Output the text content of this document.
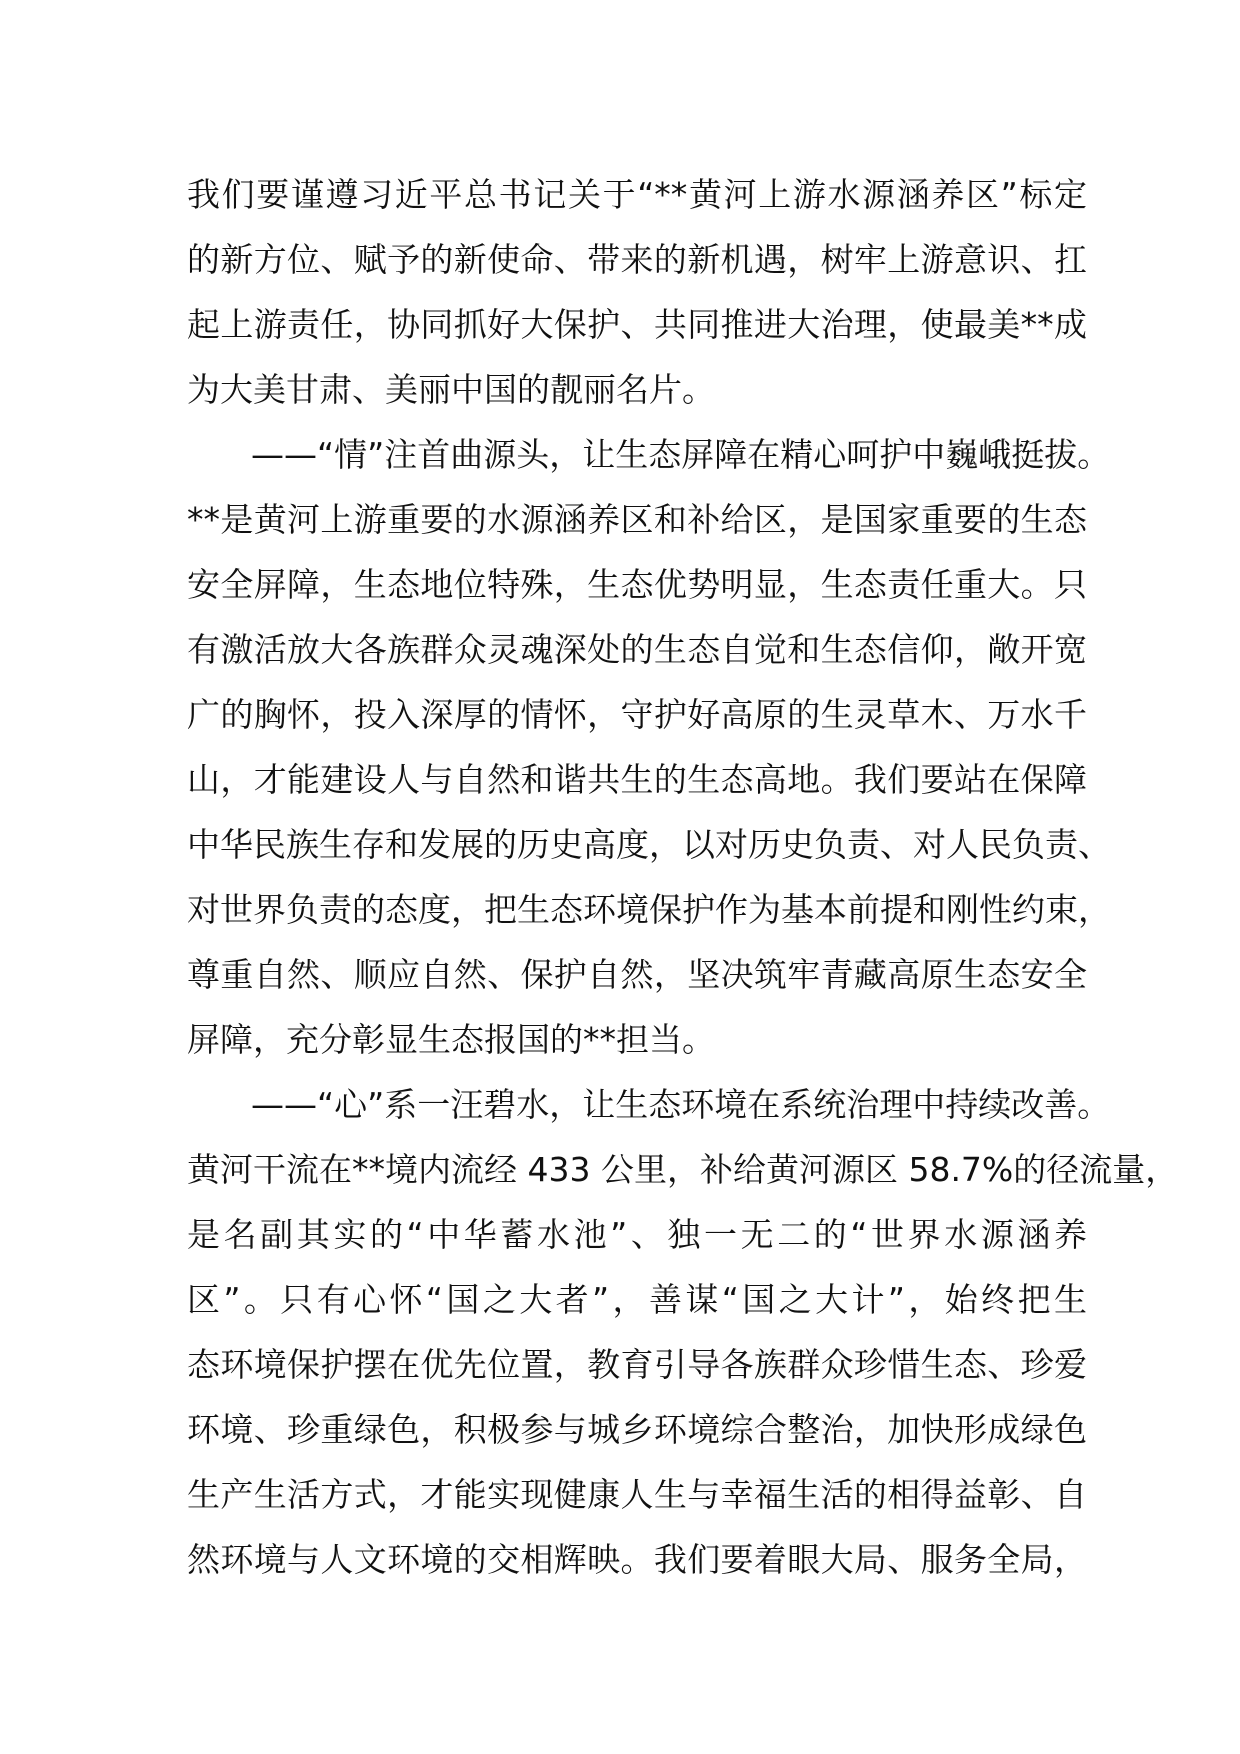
我们要谨遵习近平总书记关于“**黄河上游水源涵养区”标定
的新方位、赋予的新使命、带来的新机遇，树牢上游意识、扛
起上游责任，协同抓好大保护、共同推进大治理，使最美**成
为大美甘肃、美丽中国的靓丽名片。
——“情”注首曲源头，让生态屏障在精心呵护中巍峨挺拔。
**是黄河上游重要的水源涵养区和补给区，是国家重要的生态
安全屏障，生态地位特殊，生态优势明显，生态责任重大。只
有激活放大各族群众灵魂深处的生态自觉和生态信仰，敞开宽
广的胸怀，投入深厚的情怀，守护好高原的生灵草木、万水千
山，才能建设人与自然和谐共生的生态高地。我们要站在保障
中华民族生存和发展的历史高度，以对历史负责、对人民负责、
对世界负责的态度，把生态环境保护作为基本前提和刚性约束，
尊重自然、顺应自然、保护自然，坚决筑牢青藏高原生态安全
屏障，充分彰显生态报国的**担当。
——“心”系一汪碧水，让生态环境在系统治理中持续改善。
黄河干流在**境内流经 433 公里，补给黄河源区 58.7%的径流量，
是名副其实的“中华蓄水池”、独一无二的“世界水源涵养
区”。只有心怀“国之大者”，善谋“国之大计”，始终把生
态环境保护摆在优先位置，教育引导各族群众珍惜生态、珍爱
环境、珍重绿色，积极参与城乡环境综合整治，加快形成绿色
生产生活方式，才能实现健康人生与幸福生活的相得益彰、自
然环境与人文环境的交相辉映。我们要着眼大局、服务全局，
